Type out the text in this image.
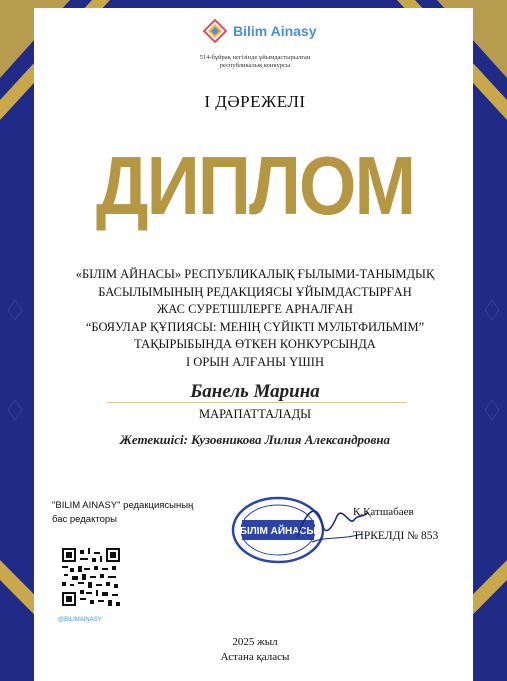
Bilim Ainasy
514-бұйрақ негізінде ұйымдастырылған
республикалық конкурсы
І ДӘРЕЖЕЛІ
ДИПЛОМ
«БІЛІМ АЙНАСЫ» РЕСПУБЛИКАЛЫҚ ҒЫЛЫМИ-ТАНЫМДЫҚ
БАСЫЛЫМЫНЫҢ РЕДАКЦИЯСЫ ҰЙЫМДАСТЫРҒАН
ЖАС СУРЕТШІЛЕРГЕ АРНАЛҒАН
“БОЯУЛАР ҚҰПИЯСЫ: МЕНІҢ СҮЙІКТІ МУЛЬТФИЛЬМІМ”
ТАҚЫРЫБЫНДА ӨТКЕН КОНКУРСЫНДА
І ОРЫН АЛҒАНЫ ҮШІН
Банель Марина
МАРАПАТТАЛАДЫ
Жетекшісі: Кузовникова Лилия Александровна
"BILIM AINASY" редакциясының
бас редакторы
БІЛІМ АЙНАСЫ
Қ.Қатшабаев
ТІРКЕЛДІ № 853
@BILIMAINASY
2025 жыл
Астана қаласы
